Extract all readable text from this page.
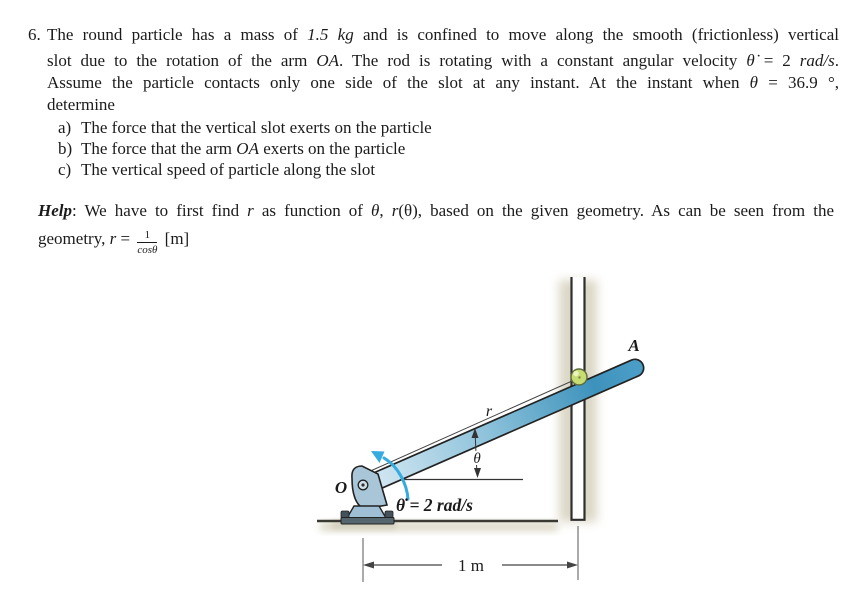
6. The round particle has a mass of 1.5 kg and is confined to move along the smooth (frictionless) vertical
slot due to the rotation of the arm OA. The rod is rotating with a constant angular velocity θ̇ = 2 rad/s.
Assume the particle contacts only one side of the slot at any instant. At the instant when θ = 36.9 °,
determine
a) The force that the vertical slot exerts on the particle
b) The force that the arm OA exerts on the particle
c) The vertical speed of particle along the slot
Help: We have to first find r as function of θ, r(θ), based on the given geometry. As can be seen from the
geometry, $r = \frac{1}{\cos\theta} [m]$
O
A
r
θ
θ̇ = 2 rad/s
1 m
